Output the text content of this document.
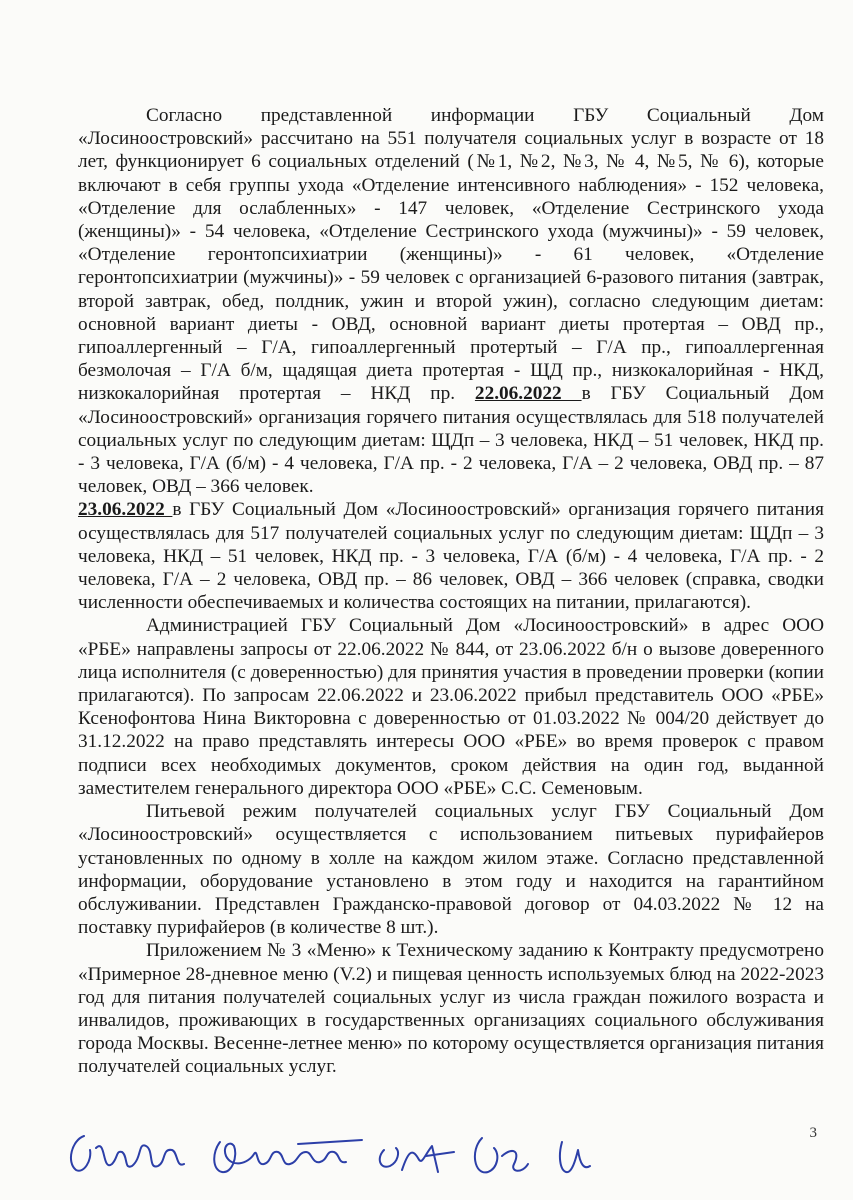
Согласно представленной информации ГБУ Социальный Дом «Лосиноостровский» рассчитано на 551 получателя социальных услуг в возрасте от 18 лет, функционирует 6 социальных отделений (№1, №2, №3, № 4, №5, № 6), которые включают в себя группы ухода «Отделение интенсивного наблюдения» - 152 человека, «Отделение для ослабленных» - 147 человек, «Отделение Сестринского ухода (женщины)» - 54 человека, «Отделение Сестринского ухода (мужчины)» - 59 человек, «Отделение геронтопсихиатрии (женщины)» - 61 человек, «Отделение геронтопсихиатрии (мужчины)» - 59 человек с организацией 6-разового питания (завтрак, второй завтрак, обед, полдник, ужин и второй ужин), согласно следующим диетам: основной вариант диеты - ОВД, основной вариант диеты протертая – ОВД пр., гипоаллергенный – Г/А, гипоаллергенный протертый – Г/А пр., гипоаллергенная безмолочая – Г/А б/м, щадящая диета протертая - ЩД пр., низкокалорийная - НКД, низкокалорийная протертая – НКД пр. 22.06.2022 в ГБУ Социальный Дом «Лосиноостровский» организация горячего питания осуществлялась для 518 получателей социальных услуг по следующим диетам: ЩДп – 3 человека, НКД – 51 человек, НКД пр. - 3 человека, Г/А (б/м) - 4 человека, Г/А пр. - 2 человека, Г/А – 2 человека, ОВД пр. – 87 человек, ОВД – 366 человек.

23.06.2022 в ГБУ Социальный Дом «Лосиноостровский» организация горячего питания осуществлялась для 517 получателей социальных услуг по следующим диетам: ЩДп – 3 человека, НКД – 51 человек, НКД пр. - 3 человека, Г/А (б/м) - 4 человека, Г/А пр. - 2 человека, Г/А – 2 человека, ОВД пр. – 86 человек, ОВД – 366 человек (справка, сводки численности обеспечиваемых и количества состоящих на питании, прилагаются).

Администрацией ГБУ Социальный Дом «Лосиноостровский» в адрес ООО «РБЕ» направлены запросы от 22.06.2022 № 844, от 23.06.2022 б/н о вызове доверенного лица исполнителя (с доверенностью) для принятия участия в проведении проверки (копии прилагаются). По запросам 22.06.2022 и 23.06.2022 прибыл представитель ООО «РБЕ» Ксенофонтова Нина Викторовна с доверенностью от 01.03.2022 № 004/20 действует до 31.12.2022 на право представлять интересы ООО «РБЕ» во время проверок с правом подписи всех необходимых документов, сроком действия на один год, выданной заместителем генерального директора ООО «РБЕ» С.С. Семеновым.

Питьевой режим получателей социальных услуг ГБУ Социальный Дом «Лосиноостровский» осуществляется с использованием питьевых пурифайеров установленных по одному в холле на каждом жилом этаже. Согласно представленной информации, оборудование установлено в этом году и находится на гарантийном обслуживании. Представлен Гражданско-правовой договор от 04.03.2022 № 12 на поставку пурифайеров (в количестве 8 шт.).

Приложением № 3 «Меню» к Техническому заданию к Контракту предусмотрено «Примерное 28-дневное меню (V.2) и пищевая ценность используемых блюд на 2022-2023 год для питания получателей социальных услуг из числа граждан пожилого возраста и инвалидов, проживающих в государственных организациях социального обслуживания города Москвы. Весенне-летнее меню» по которому осуществляется организация питания получателей социальных услуг.

3
